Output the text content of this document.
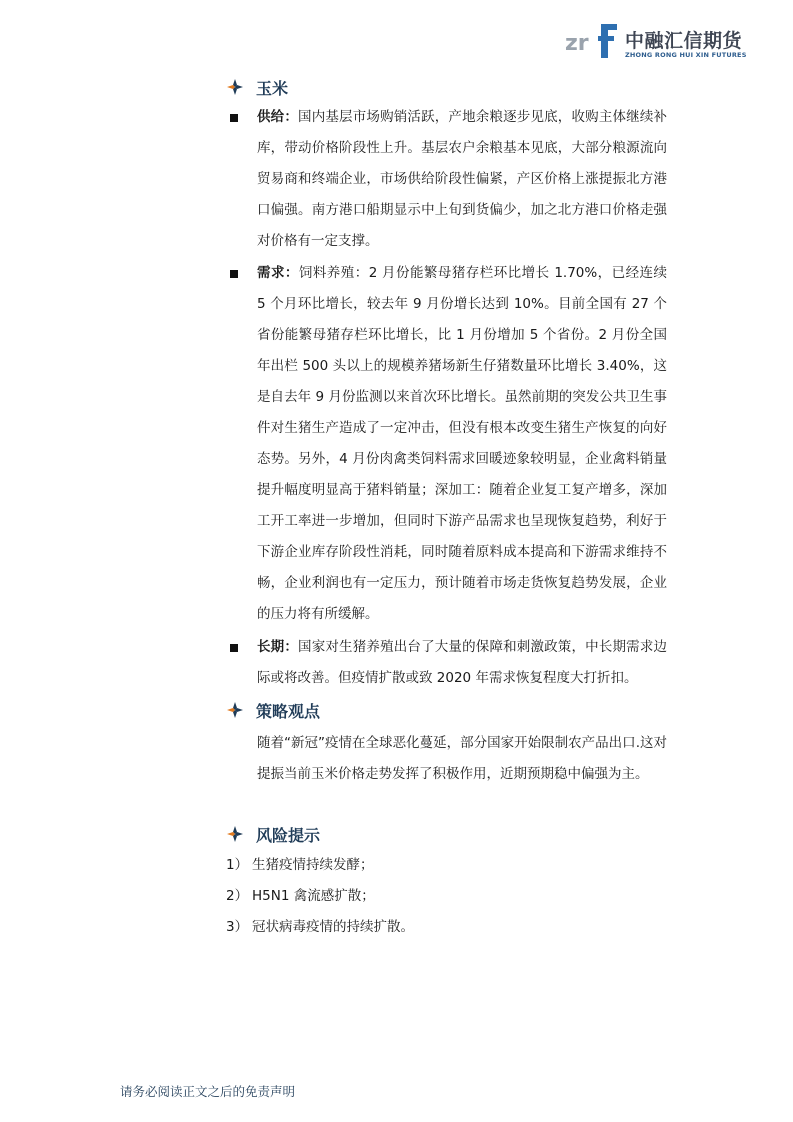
zr 中融汇信期货
ZHONG RONG HUI XIN FUTURES
玉米
供给：国内基层市场购销活跃，产地余粮逐步见底，收购主体继续补库，带动价格阶段性上升。基层农户余粮基本见底，大部分粮源流向贸易商和终端企业，市场供给阶段性偏紧，产区价格上涨提振北方港口偏强。南方港口船期显示中上旬到货偏少，加之北方港口价格走强对价格有一定支撑。
需求：饲料养殖：2 月份能繁母猪存栏环比增长 1.70%，已经连续 5 个月环比增长，较去年 9 月份增长达到 10%。目前全国有 27 个省份能繁母猪存栏环比增长，比 1 月份增加 5 个省份。2 月份全国年出栏 500 头以上的规模养猪场新生仔猪数量环比增长 3.40%，这是自去年 9 月份监测以来首次环比增长。虽然前期的突发公共卫生事件对生猪生产造成了一定冲击，但没有根本改变生猪生产恢复的向好态势。另外，4 月份肉禽类饲料需求回暖迹象较明显，企业禽料销量提升幅度明显高于猪料销量；深加工：随着企业复工复产增多，深加工开工率进一步增加，但同时下游产品需求也呈现恢复趋势，利好于下游企业库存阶段性消耗，同时随着原料成本提高和下游需求维持不畅，企业利润也有一定压力，预计随着市场走货恢复趋势发展，企业的压力将有所缓解。
长期：国家对生猪养殖出台了大量的保障和刺激政策，中长期需求边际或将改善。但疫情扩散或致 2020 年需求恢复程度大打折扣。
策略观点
随着“新冠”疫情在全球恶化蔓延，部分国家开始限制农产品出口.这对提振当前玉米价格走势发挥了积极作用，近期预期稳中偏强为主。
风险提示
1） 生猪疫情持续发酵；
2） H5N1 禽流感扩散；
3） 冠状病毒疫情的持续扩散。
请务必阅读正文之后的免责声明
